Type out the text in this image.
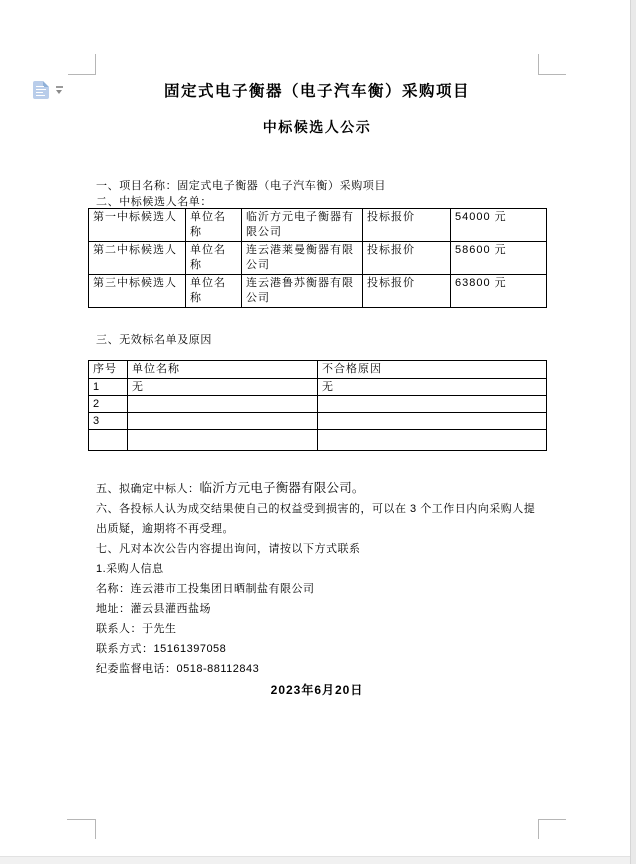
固定式电子衡器（电子汽车衡）采购项目
中标候选人公示
一、项目名称：固定式电子衡器（电子汽车衡）采购项目
二、中标候选人名单：
第一中标候选人	单位名称	临沂方元电子衡器有限公司	投标报价	54000 元
第二中标候选人	单位名称	连云港莱曼衡器有限公司	投标报价	58600 元
第三中标候选人	单位名称	连云港鲁苏衡器有限公司	投标报价	63800 元
三、无效标名单及原因
序号	单位名称	不合格原因
1	无	无
2		
3		

五、拟确定中标人：临沂方元电子衡器有限公司。

六、各投标人认为成交结果使自己的权益受到损害的，可以在 3 个工作日内向采购人提出质疑，逾期将不再受理。

七、凡对本次公告内容提出询问，请按以下方式联系

1.采购人信息

名称：连云港市工投集团日晒制盐有限公司

地址：灌云县灌西盐场

联系人：于先生

联系方式：15161397058

纪委监督电话：0518-88112843

2023年6月20日
